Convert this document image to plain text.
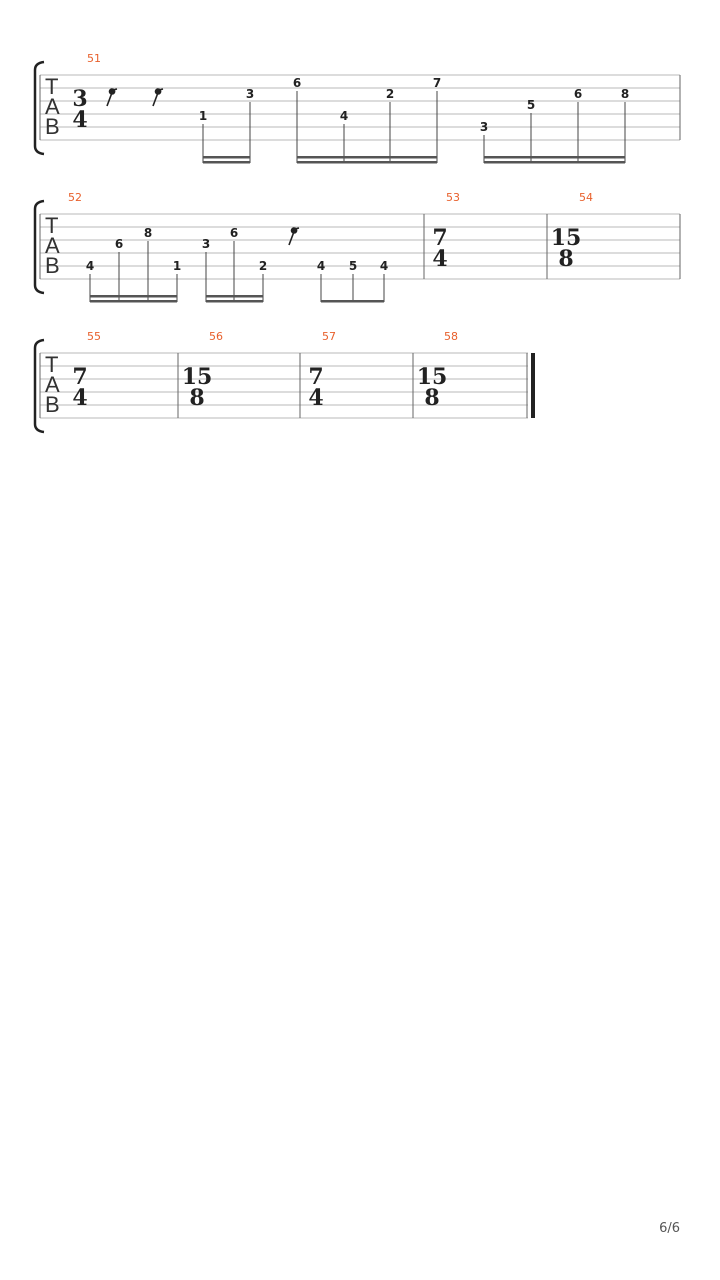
T
A
B
51
3
4	1
3
6
4
2
7
3
5
6	8
T
A
B
52	53	54
7
4
15
8
4
6
8
1
3
6
2	4 5 4
T
A
B
55	56	57	58
7
4
15
8
7
4
15
8
6/6
